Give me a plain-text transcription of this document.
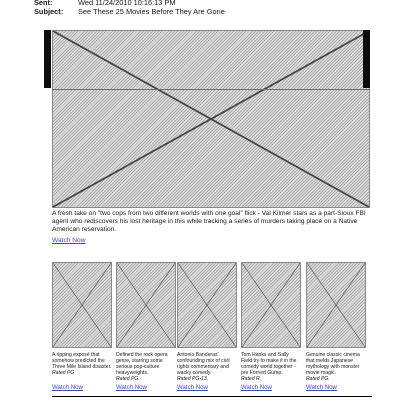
Sent:	Wed 11/24/2010 10:16:13 PM
Subject: See These 25 Movies Before They Are Gone
A fresh take on "two cops from two different worlds with one goal" flick - Val Kilmer stars as a part-Sioux FBI agent who rediscovers his lost heritage in this while tracking a series of murders taking place on a Native American reservation.
Watch Now
A ripping exposé that somehow predicted the Three Mile Island disaster.
Rated PG
Watch Now
Defined the rock opera genre, starring some serious pop-culture heavyweights.
Rated PG.
Watch Now
Antonio Banderas' confounding mix of civil rights commentary and wacky comedy.
Rated PG-13.
Watch Now
Tom Hanks and Sally Field try to make it in the comedy world together - pre Forrest Gump.
Rated R.
Watch Now
Genuine classic cinema that melds Japanese mythology with monster movie magic.
Rated PG.
Watch Now
